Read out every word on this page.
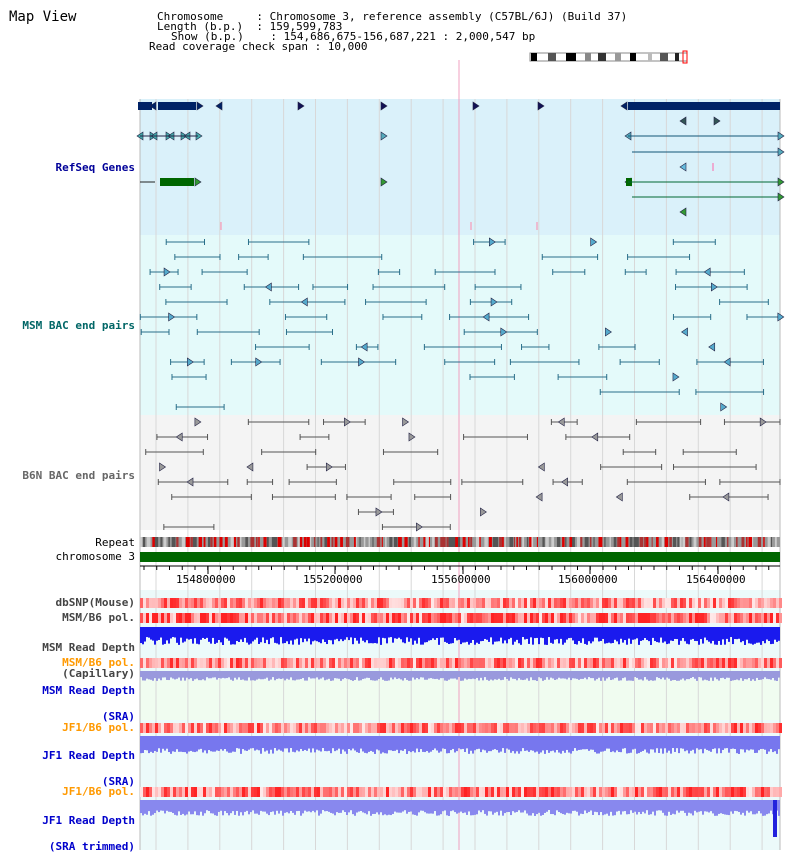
Map View	Chromosome     : Chromosome 3, reference assembly (C57BL/6J) (Build 37)
Length (b.p.)  : 159,599,783
Show (b.p.)    : 154,686,675-156,687,221 : 2,000,547 bp
Read coverage check span : 10,000
RefSeq Genes
MSM BAC end pairs
B6N BAC end pairs
Repeat
chromosome 3
dbSNP(Mouse)
MSM/B6 pol.

MSM Read Depth

(Capillary)

MSM/B6 pol.

MSM Read Depth

(SRA)

JF1/B6 pol.

JF1 Read Depth

(SRA)

JF1/B6 pol.

JF1 Read Depth

(SRA trimmed)

154800000	155200000	155600000	156000000	156400000
